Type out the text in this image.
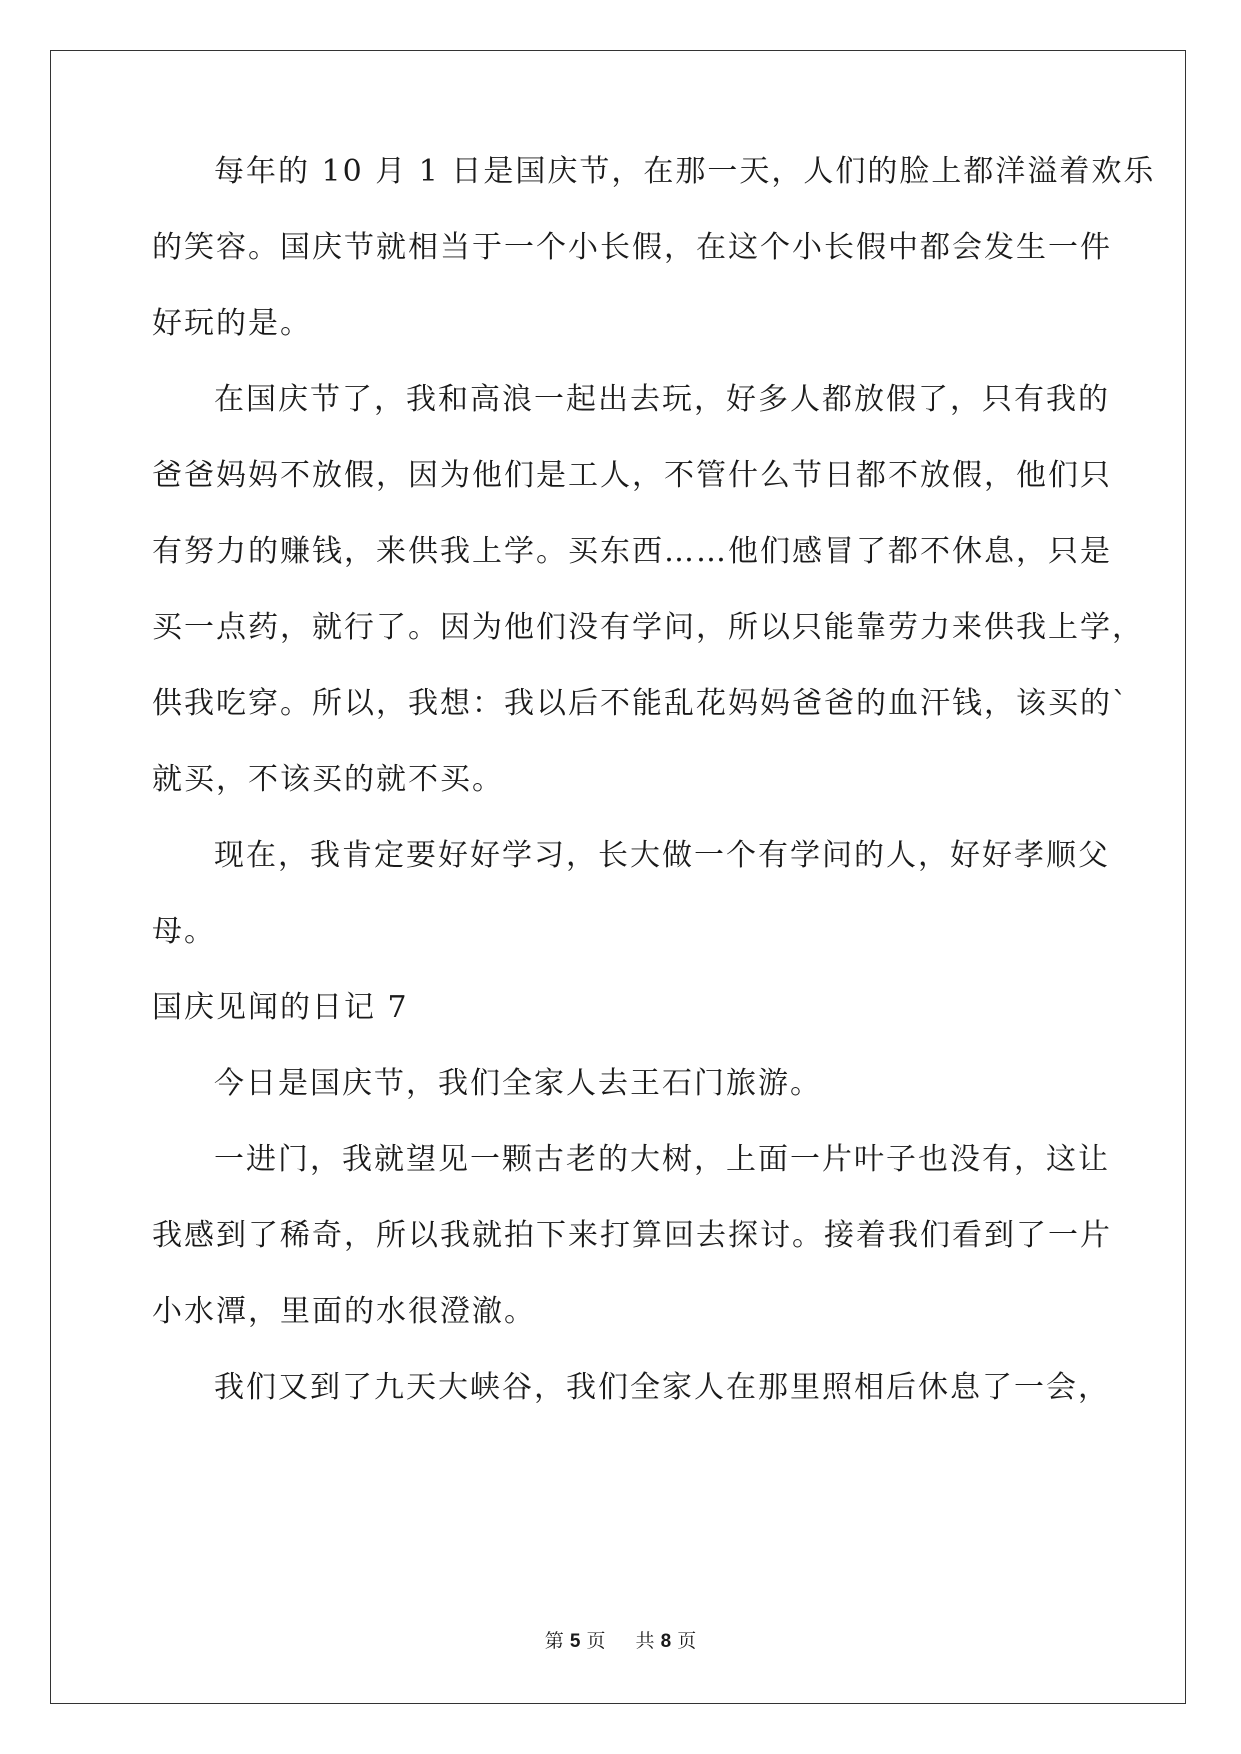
每年的 10 月 1 日是国庆节，在那一天，人们的脸上都洋溢着欢乐
的笑容。国庆节就相当于一个小长假，在这个小长假中都会发生一件
好玩的是。
在国庆节了，我和高浪一起出去玩，好多人都放假了，只有我的
爸爸妈妈不放假，因为他们是工人，不管什么节日都不放假，他们只
有努力的赚钱，来供我上学。买东西……他们感冒了都不休息，只是
买一点药，就行了。因为他们没有学问，所以只能靠劳力来供我上学，
供我吃穿。所以，我想：我以后不能乱花妈妈爸爸的血汗钱，该买的`
就买，不该买的就不买。
现在，我肯定要好好学习，长大做一个有学问的人，好好孝顺父
母。
国庆见闻的日记 7
今日是国庆节，我们全家人去王石门旅游。
一进门，我就望见一颗古老的大树，上面一片叶子也没有，这让
我感到了稀奇，所以我就拍下来打算回去探讨。接着我们看到了一片
小水潭，里面的水很澄澈。
我们又到了九天大峡谷，我们全家人在那里照相后休息了一会，
第 5 页 共 8 页
